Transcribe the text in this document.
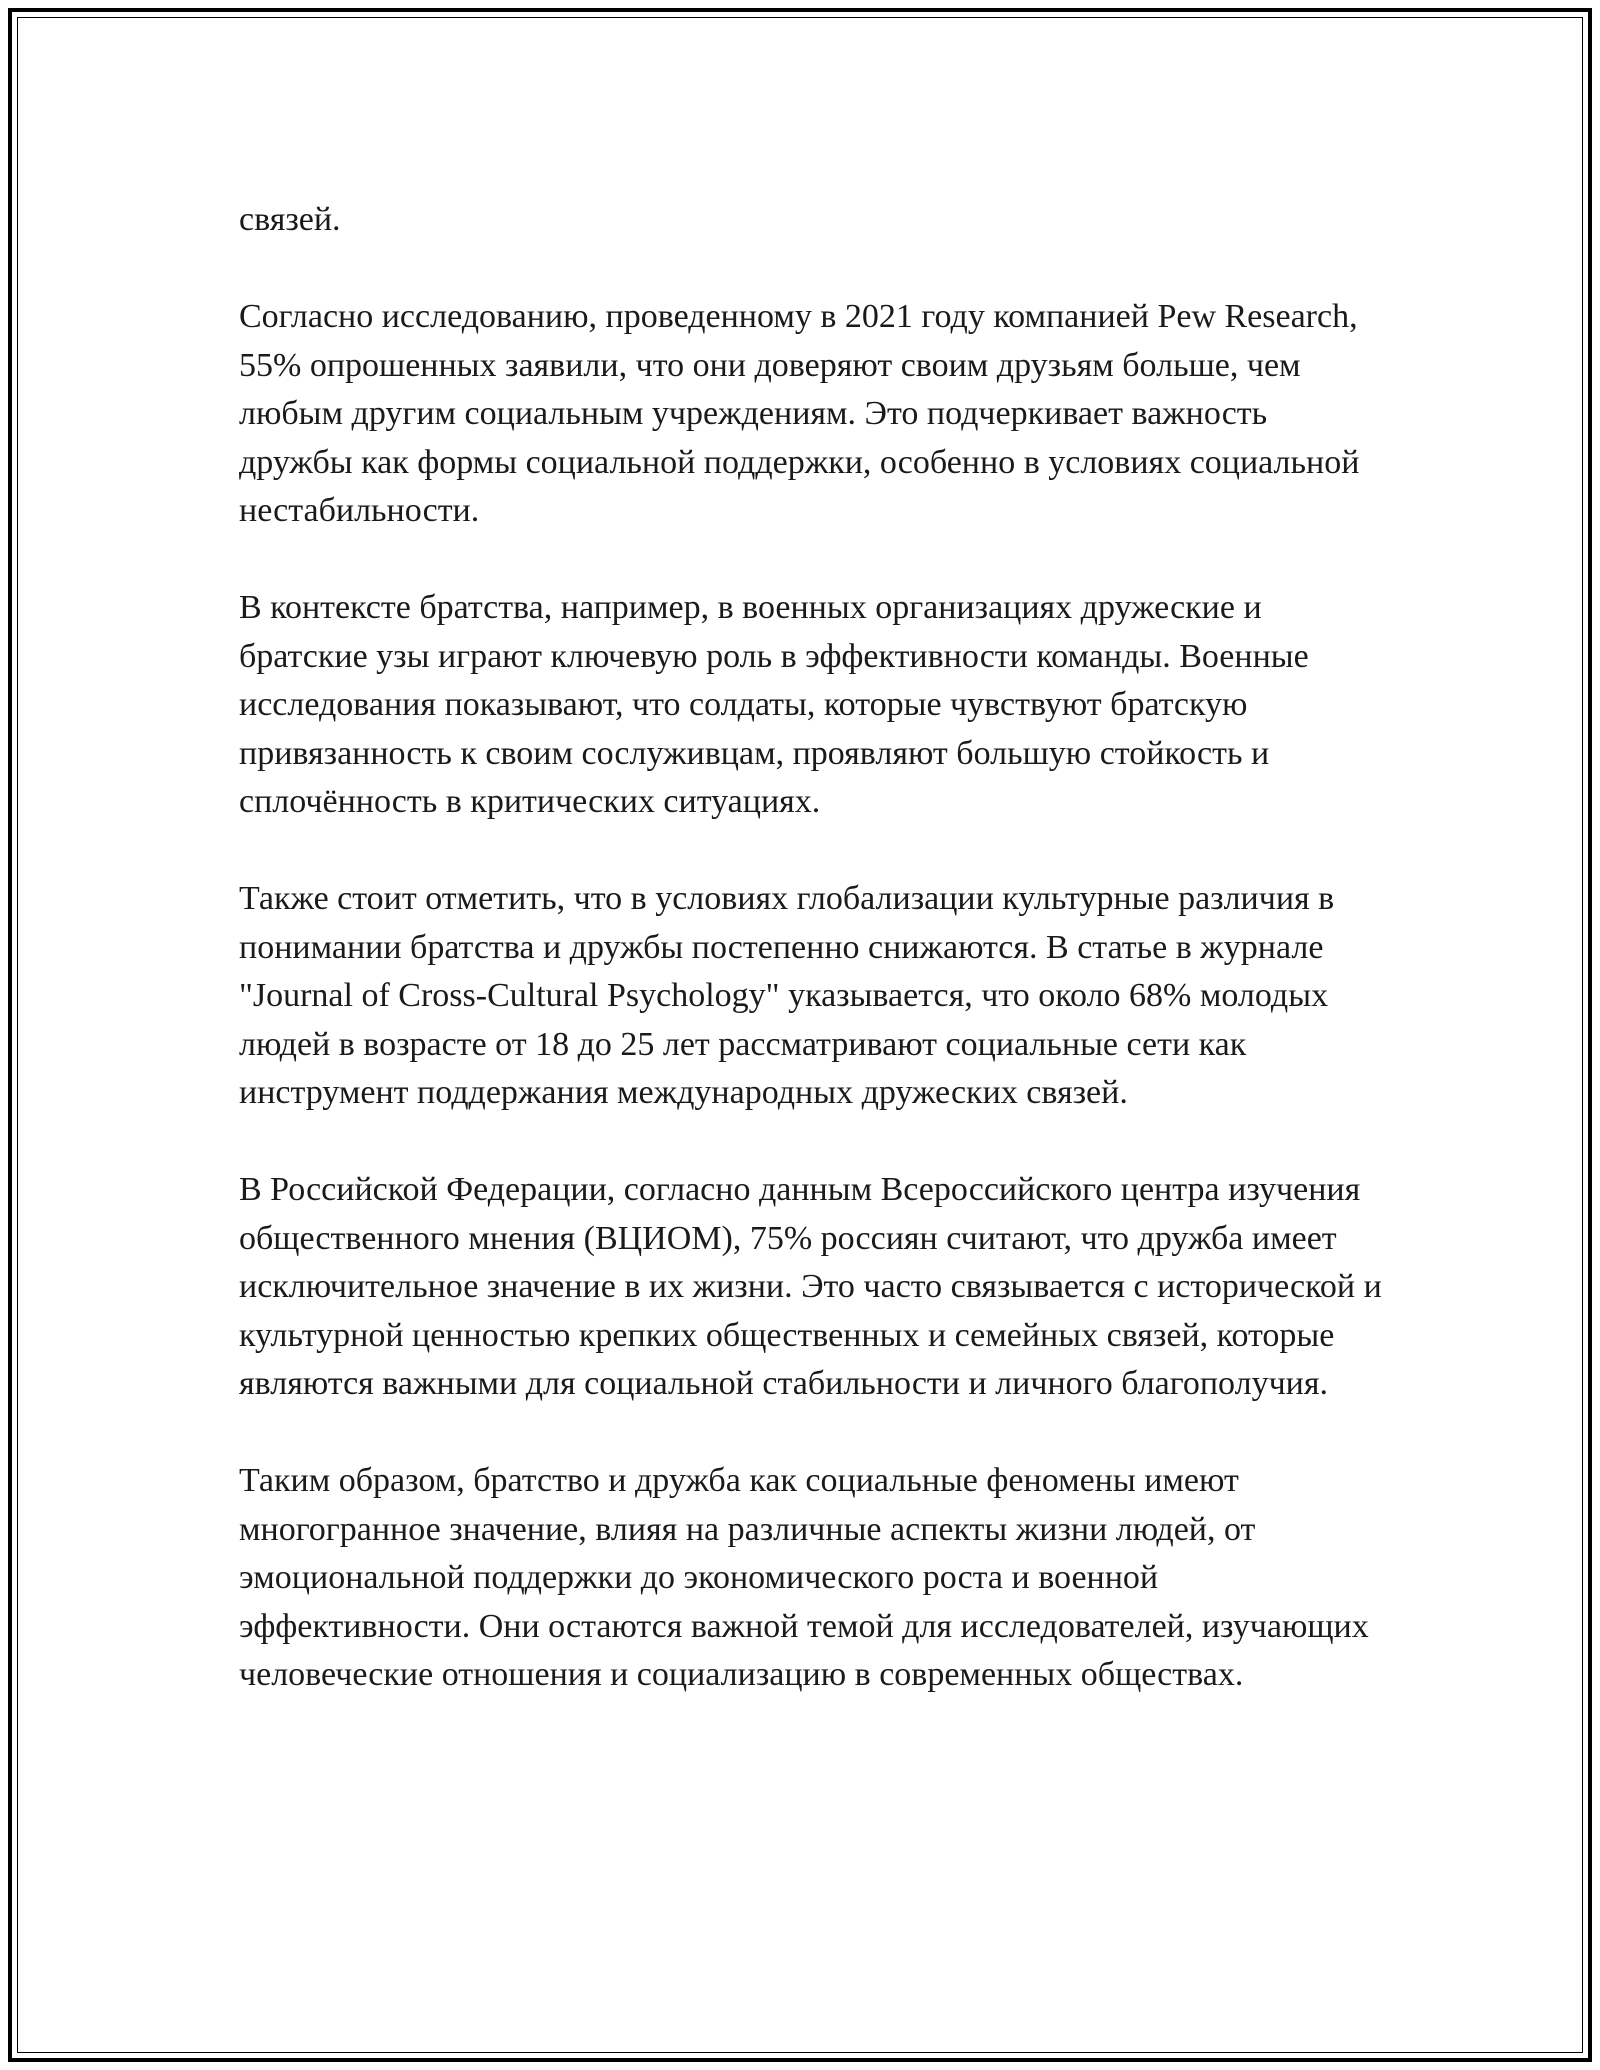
связей.

Согласно исследованию, проведенному в 2021 году компанией Pew Research, 55% опрошенных заявили, что они доверяют своим друзьям больше, чем любым другим социальным учреждениям. Это подчеркивает важность дружбы как формы социальной поддержки, особенно в условиях социальной нестабильности.

В контексте братства, например, в военных организациях дружеские и братские узы играют ключевую роль в эффективности команды. Военные исследования показывают, что солдаты, которые чувствуют братскую привязанность к своим сослуживцам, проявляют большую стойкость и сплочённость в критических ситуациях.

Также стоит отметить, что в условиях глобализации культурные различия в понимании братства и дружбы постепенно снижаются. В статье в журнале "Journal of Cross-Cultural Psychology" указывается, что около 68% молодых людей в возрасте от 18 до 25 лет рассматривают социальные сети как инструмент поддержания международных дружеских связей.

В Российской Федерации, согласно данным Всероссийского центра изучения общественного мнения (ВЦИОМ), 75% россиян считают, что дружба имеет исключительное значение в их жизни. Это часто связывается с исторической и культурной ценностью крепких общественных и семейных связей, которые являются важными для социальной стабильности и личного благополучия.

Таким образом, братство и дружба как социальные феномены имеют многогранное значение, влияя на различные аспекты жизни людей, от эмоциональной поддержки до экономического роста и военной эффективности. Они остаются важной темой для исследователей, изучающих человеческие отношения и социализацию в современных обществах.
